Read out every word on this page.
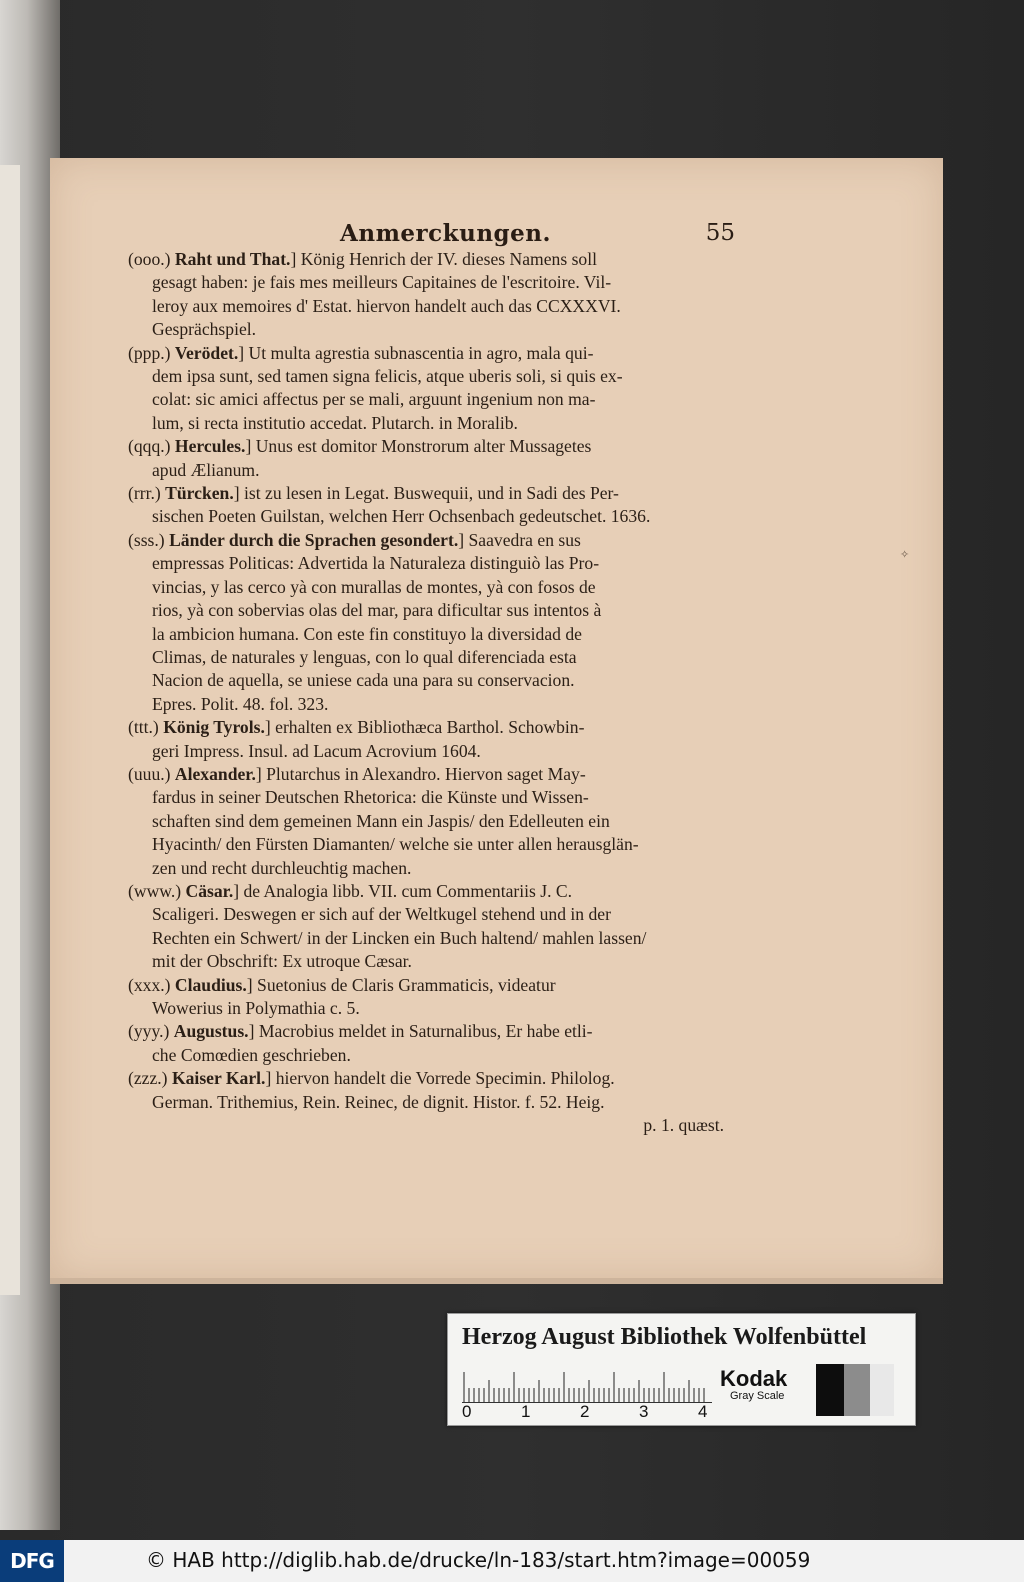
Anmerckungen.	55
(ooo.) Raht und That.] König Henrich der IV. dieses Namens soll
gesagt haben: je fais mes meilleurs Capitaines de l'escritoire. Vil-
leroy aux memoires d' Estat. hiervon handelt auch das CCXXXVI.
Gesprächspiel.
(ppp.) Verödet.] Ut multa agrestia subnascentia in agro, mala qui-
dem ipsa sunt, sed tamen signa felicis, atque uberis soli, si quis ex-
colat: sic amici affectus per se mali, arguunt ingenium non ma-
lum, si recta institutio accedat. Plutarch. in Moralib.
(qqq.) Hercules.] Unus est domitor Monstrorum alter Mussagetes
apud Ælianum.
(rrr.) Türcken.] ist zu lesen in Legat. Buswequii, und in Sadi des Per-
sischen Poeten Guilstan, welchen Herr Ochsenbach gedeutschet. 1636.
(sss.) Länder durch die Sprachen gesondert.] Saavedra en sus
empressas Politicas: Advertida la Naturaleza distinguiò las Pro-
vincias, y las cerco yà con murallas de montes, yà con fosos de
rios, yà con sobervias olas del mar, para dificultar sus intentos à
la ambicion humana. Con este fin constituyo la diversidad de
Climas, de naturales y lenguas, con lo qual diferenciada esta
Nacion de aquella, se uniese cada una para su conservacion.
Epres. Polit. 48. fol. 323.
(ttt.) König Tyrols.] erhalten ex Bibliothæca Barthol. Schowbin-
geri Impress. Insul. ad Lacum Acrovium 1604.
(uuu.) Alexander.] Plutarchus in Alexandro. Hiervon saget May-
fardus in seiner Deutschen Rhetorica: die Künste und Wissen-
schaften sind dem gemeinen Mann ein Jaspis/ den Edelleuten ein
Hyacinth/ den Fürsten Diamanten/ welche sie unter allen herausglän-
zen und recht durchleuchtig machen.
(www.) Cäsar.] de Analogia libb. VII. cum Commentariis J. C.
Scaligeri. Deswegen er sich auf der Weltkugel stehend und in der
Rechten ein Schwert/ in der Lincken ein Buch haltend/ mahlen lassen/
mit der Obschrift: Ex utroque Cæsar.
(xxx.) Claudius.] Suetonius de Claris Grammaticis, videatur
Wowerius in Polymathia c. 5.
(yyy.) Augustus.] Macrobius meldet in Saturnalibus, Er habe etli-
che Comœdien geschrieben.
(zzz.) Kaiser Karl.] hiervon handelt die Vorrede Specimin. Philolog.
German. Trithemius, Rein. Reinec, de dignit. Histor. f. 52. Heig.
p. 1. quæst.
✧
Herzog August Bibliothek Wolfenbüttel
0	1	2	3	4
Kodak
Gray Scale
DFG	© HAB http://diglib.hab.de/drucke/ln-183/start.htm?image=00059
